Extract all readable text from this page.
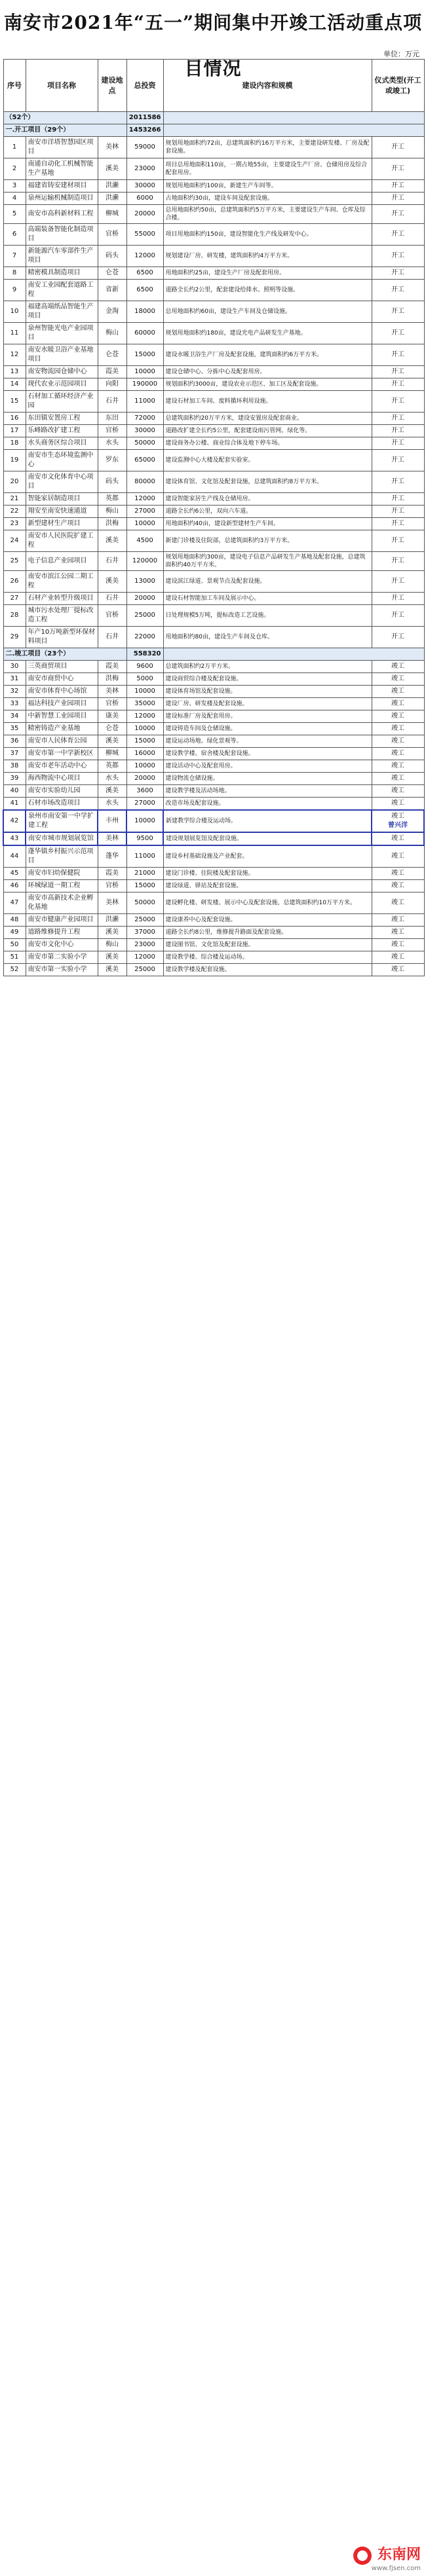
南安市2021年“五一”期间集中开竣工活动重点项目情况
单位：万元
序号	项目名称	建设地点	总投资	建设内容和规模	仪式类型(开工或竣工)
（52个）			2011586		
一.开工项目（29个）			1453266		
1	南安市洋塔智慧园区项目	美林	59000	规划用地面积约72亩，总建筑面积约16万平方米，主要建设研发楼、厂房及配套设施。	开工
2	南通自动化工机械智能生产基地	溪美	23000	项目总用地面积110亩，一期占地55亩，主要建设生产厂房、仓储用房及综合配套用房。	开工
3	福建省铸安建材项目	洪濑	30000	规划用地面积约100亩，新建生产车间等。	开工
4	泉州运输机械制造项目	洪濑	6000	占地面积约30亩，建设车间及配套设施。	开工
5	南安市高科新材料工程	柳城	20000	总用地面积约50亩，总建筑面积约5万平方米，主要建设生产车间、仓库及综合楼。	开工
6	高端装备智能化制造项目	官桥	55000	项目用地面积约150亩，建设智能化生产线及研发中心。	开工
7	新能源汽车零部件生产项目	码头	12000	规划建设厂房、研发楼，建筑面积约4万平方米。	开工
8	精密模具制造项目	仑苍	6500	用地面积约25亩，建设生产厂房及配套用房。	开工
9	南安工业园配套道路工程	省新	6500	道路全长约2公里，配套建设给排水、照明等设施。	开工
10	福建高端纸品智能生产项目	金淘	18000	总用地面积约60亩，建设生产车间及仓储设施。	开工
11	泉州智能光电产业园项目	梅山	60000	规划用地面积约180亩，建设光电产品研发生产基地。	开工
12	南安水暖卫浴产业基地项目	仑苍	15000	建设水暖卫浴生产厂房及配套设施，建筑面积约6万平方米。	开工
13	南安物流园仓储中心	霞美	10000	建设仓储中心、分拣中心及配套用房。	开工
14	现代农业示范园项目	向阳	190000	规划面积约3000亩，建设农业示范区、加工区及配套设施。	开工
15	石材加工循环经济产业园	石井	11000	建设石材加工车间、废料循环利用设施。	开工
16	东田镇安置房工程	东田	72000	总建筑面积约20万平方米，建设安置房及配套商业。	开工
17	乐峰路改扩建工程	官桥	30000	道路改扩建全长约5公里，配套建设雨污管网、绿化等。	开工
18	水头商务区综合项目	水头	50000	建设商务办公楼、商业综合体及地下停车场。	开工
19	南安市生态环境监测中心	罗东	65000	建设监测中心大楼及配套实验室。	开工
20	南安市文化体育中心项目	码头	80000	建设体育馆、文化馆及配套设施，总建筑面积约8万平方米。	开工
21	智能家居制造项目	英都	12000	建设智能家居生产线及仓储用房。	开工
22	翔安至南安快速通道	梅山	27000	道路全长约6公里，双向六车道。	开工
23	新型建材生产项目	洪梅	10000	用地面积约40亩，建设新型建材生产车间。	开工
24	南安市人民医院扩建工程	溪美	4500	新建门诊楼及住院部，总建筑面积约3万平方米。	开工
25	电子信息产业园项目	石井	120000	规划用地面积约300亩，建设电子信息产品研发生产基地及配套设施，总建筑面积约40万平方米。	开工
26	南安市滨江公园二期工程	溪美	13000	建设滨江绿道、景观节点及配套设施。	开工
27	石材产业转型升级项目	石井	20000	建设石材智能加工车间及展示中心。	开工
28	城市污水处理厂提标改造工程	官桥	25000	日处理规模5万吨，提标改造工艺设施。	开工
29	年产10万吨新型环保材料项目	石井	22000	用地面积约80亩，建设生产车间及仓库。	开工
二.竣工项目（23个）			558320		
30	三英商贸项目	霞美	9600	总建筑面积约2万平方米。	竣工
31	南安市商贸中心	洪梅	5000	建设商贸综合楼及配套设施。	竣工
32	南安市体育中心场馆	美林	10000	建设体育场馆及配套设施。	竣工
33	福达科技产业园项目	官桥	35000	建设厂房、研发楼及配套设施。	竣工
34	中新智慧工业园项目	康美	12000	建设标准厂房及配套用房。	竣工
35	精密铸造产业基地	仑苍	10000	建设铸造车间及仓储设施。	竣工
36	南安市人民体育公园	溪美	15000	建设运动场地、绿化景观等。	竣工
37	南安市第一中学新校区	柳城	16000	建设教学楼、宿舍楼及配套设施。	竣工
38	南安市老年活动中心	英都	10000	建设活动中心及配套用房。	竣工
39	海西物流中心项目	水头	20000	建设物流仓储设施。	竣工
40	南安市实验幼儿园	溪美	3600	建设教学楼及活动场地。	竣工
41	石材市场改造项目	水头	27000	改造市场及配套设施。	竣工
42	泉州市南安第一中学扩建工程	丰州	10000	新建教学综合楼及运动场。	竣工
曾兴洋
43	南安市城市规划展览馆	美林	9500	建设规划展览馆及配套设施。	竣工
44	蓬华镇乡村振兴示范项目	蓬华	11000	建设乡村基础设施及产业配套。	竣工
45	南安市妇幼保健院	霞美	21000	建设门诊楼、住院楼及配套设施。	竣工
46	环城绿道一期工程	官桥	15000	建设绿道、驿站及配套设施。	竣工
47	南安市高新技术企业孵化基地	美林	50000	建设孵化楼、研发楼、展示中心及配套设施，总建筑面积约10万平方米。	竣工
48	南安市健康产业园项目	洪濑	25000	建设康养中心及配套设施。	竣工
49	道路维修提升工程	溪美	37000	道路全长约8公里，维修提升路面及配套设施。	竣工
50	南安市文化中心	梅山	23000	建设图书馆、文化馆及配套设施。	竣工
51	南安市第二实验小学	溪美	12000	建设教学楼、综合楼及运动场。	竣工
52	南安市第一实验小学	溪美	25000	建设教学楼及配套设施。	竣工
东南网
www.fjsen.com
